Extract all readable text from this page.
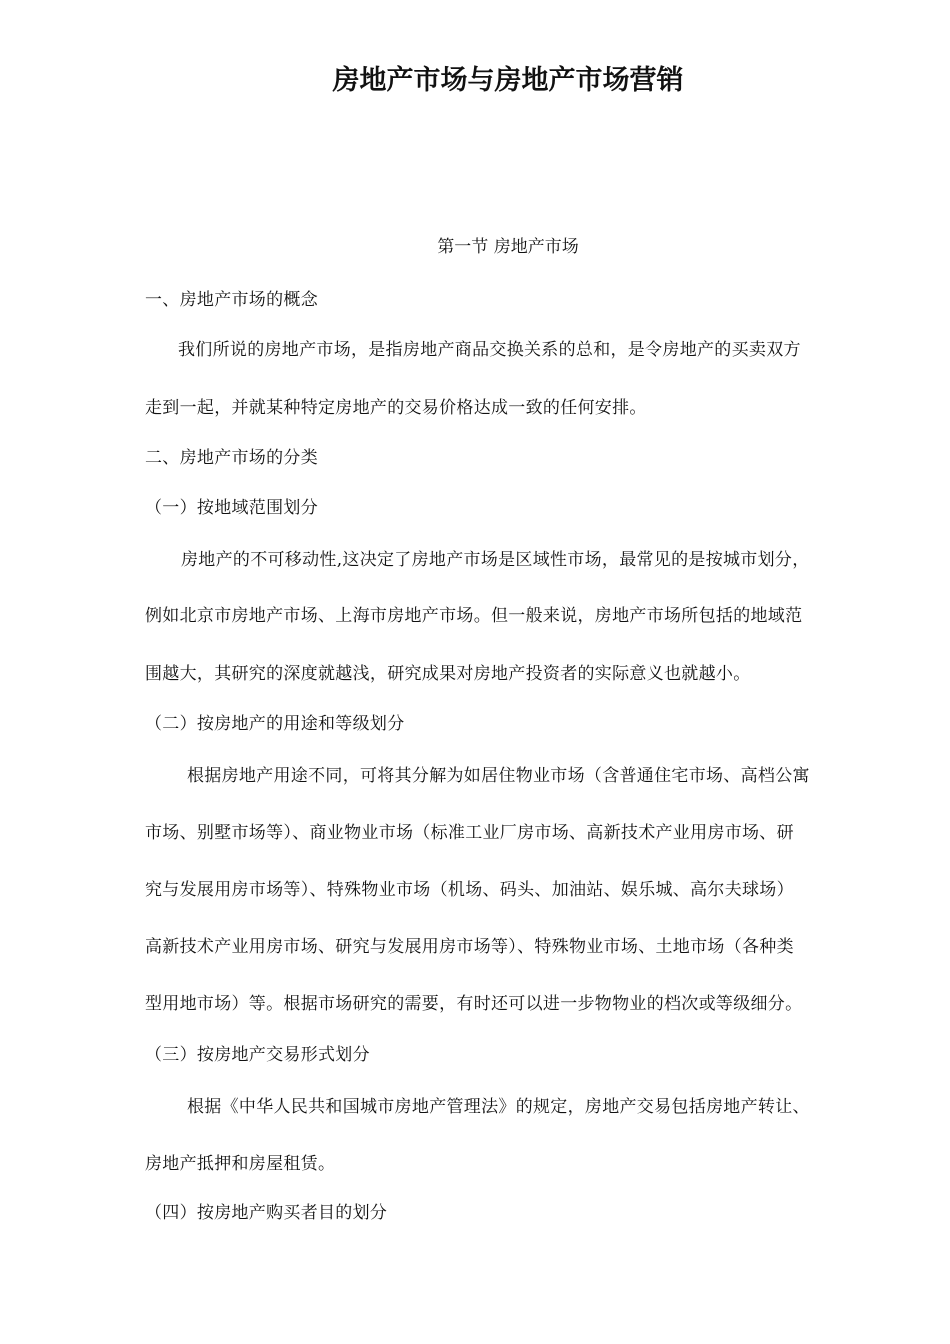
房地产市场与房地产市场营销
第一节 房地产市场
一、房地产市场的概念
我们所说的房地产市场，是指房地产商品交换关系的总和，是令房地产的买卖双方
走到一起，并就某种特定房地产的交易价格达成一致的任何安排。
二、房地产市场的分类
（一）按地域范围划分
房地产的不可移动性,这决定了房地产市场是区域性市场，最常见的是按城市划分，
例如北京市房地产市场、上海市房地产市场。但一般来说，房地产市场所包括的地域范
围越大，其研究的深度就越浅，研究成果对房地产投资者的实际意义也就越小。
（二）按房地产的用途和等级划分
根据房地产用途不同，可将其分解为如居住物业市场（含普通住宅市场、高档公寓
市场、别墅市场等）、商业物业市场（标准工业厂房市场、高新技术产业用房市场、研
究与发展用房市场等）、特殊物业市场（机场、码头、加油站、娱乐城、高尔夫球场）
高新技术产业用房市场、研究与发展用房市场等）、特殊物业市场、土地市场（各种类
型用地市场）等。根据市场研究的需要，有时还可以进一步物物业的档次或等级细分。
（三）按房地产交易形式划分
根据《中华人民共和国城市房地产管理法》的规定，房地产交易包括房地产转让、
房地产抵押和房屋租赁。
（四）按房地产购买者目的划分
